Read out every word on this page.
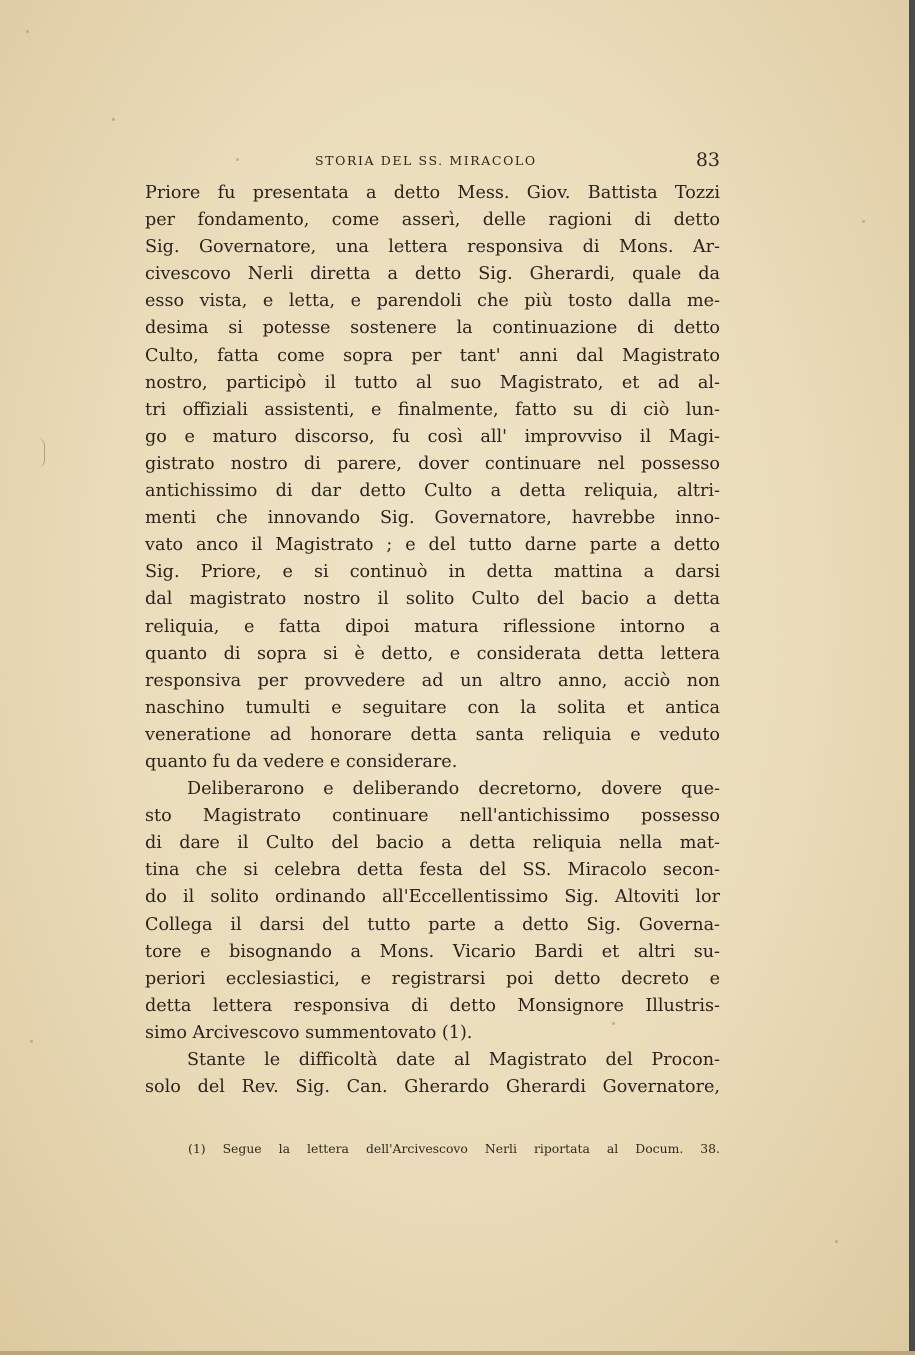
STORIA DEL SS. MIRACOLO	83
Priore fu presentata a detto Mess. Giov. Battista Tozzi
per fondamento, come asserì, delle ragioni di detto
Sig. Governatore, una lettera responsiva di Mons. Ar-
civescovo Nerli diretta a detto Sig. Gherardi, quale da
esso vista, e letta, e parendoli che più tosto dalla me-
desima si potesse sostenere la continuazione di detto
Culto, fatta come sopra per tant' anni dal Magistrato
nostro, participò il tutto al suo Magistrato, et ad al-
tri offiziali assistenti, e finalmente, fatto su di ciò lun-
go e maturo discorso, fu così all' improvviso il Magi-
gistrato nostro di parere, dover continuare nel possesso
antichissimo di dar detto Culto a detta reliquia, altri-
menti che innovando Sig. Governatore, havrebbe inno-
vato anco il Magistrato ; e del tutto darne parte a detto
Sig. Priore, e si continuò in detta mattina a darsi
dal magistrato nostro il solito Culto del bacio a detta
reliquia, e fatta dipoi matura riflessione intorno a
quanto di sopra si è detto, e considerata detta lettera
responsiva per provvedere ad un altro anno, acciò non
naschino tumulti e seguitare con la solita et antica
veneratione ad honorare detta santa reliquia e veduto
quanto fu da vedere e considerare.
Deliberarono e deliberando decretorno, dovere que-
sto Magistrato continuare nell'antichissimo possesso
di dare il Culto del bacio a detta reliquia nella mat-
tina che si celebra detta festa del SS. Miracolo secon-
do il solito ordinando all'Eccellentissimo Sig. Altoviti lor
Collega il darsi del tutto parte a detto Sig. Governa-
tore e bisognando a Mons. Vicario Bardi et altri su-
periori ecclesiastici, e registrarsi poi detto decreto e
detta lettera responsiva di detto Monsignore Illustris-
simo Arcivescovo summentovato (1).
Stante le difficoltà date al Magistrato del Procon-
solo del Rev. Sig. Can. Gherardo Gherardi Governatore,
(1) Segue la lettera dell'Arcivescovo Nerli riportata al Docum. 38.
